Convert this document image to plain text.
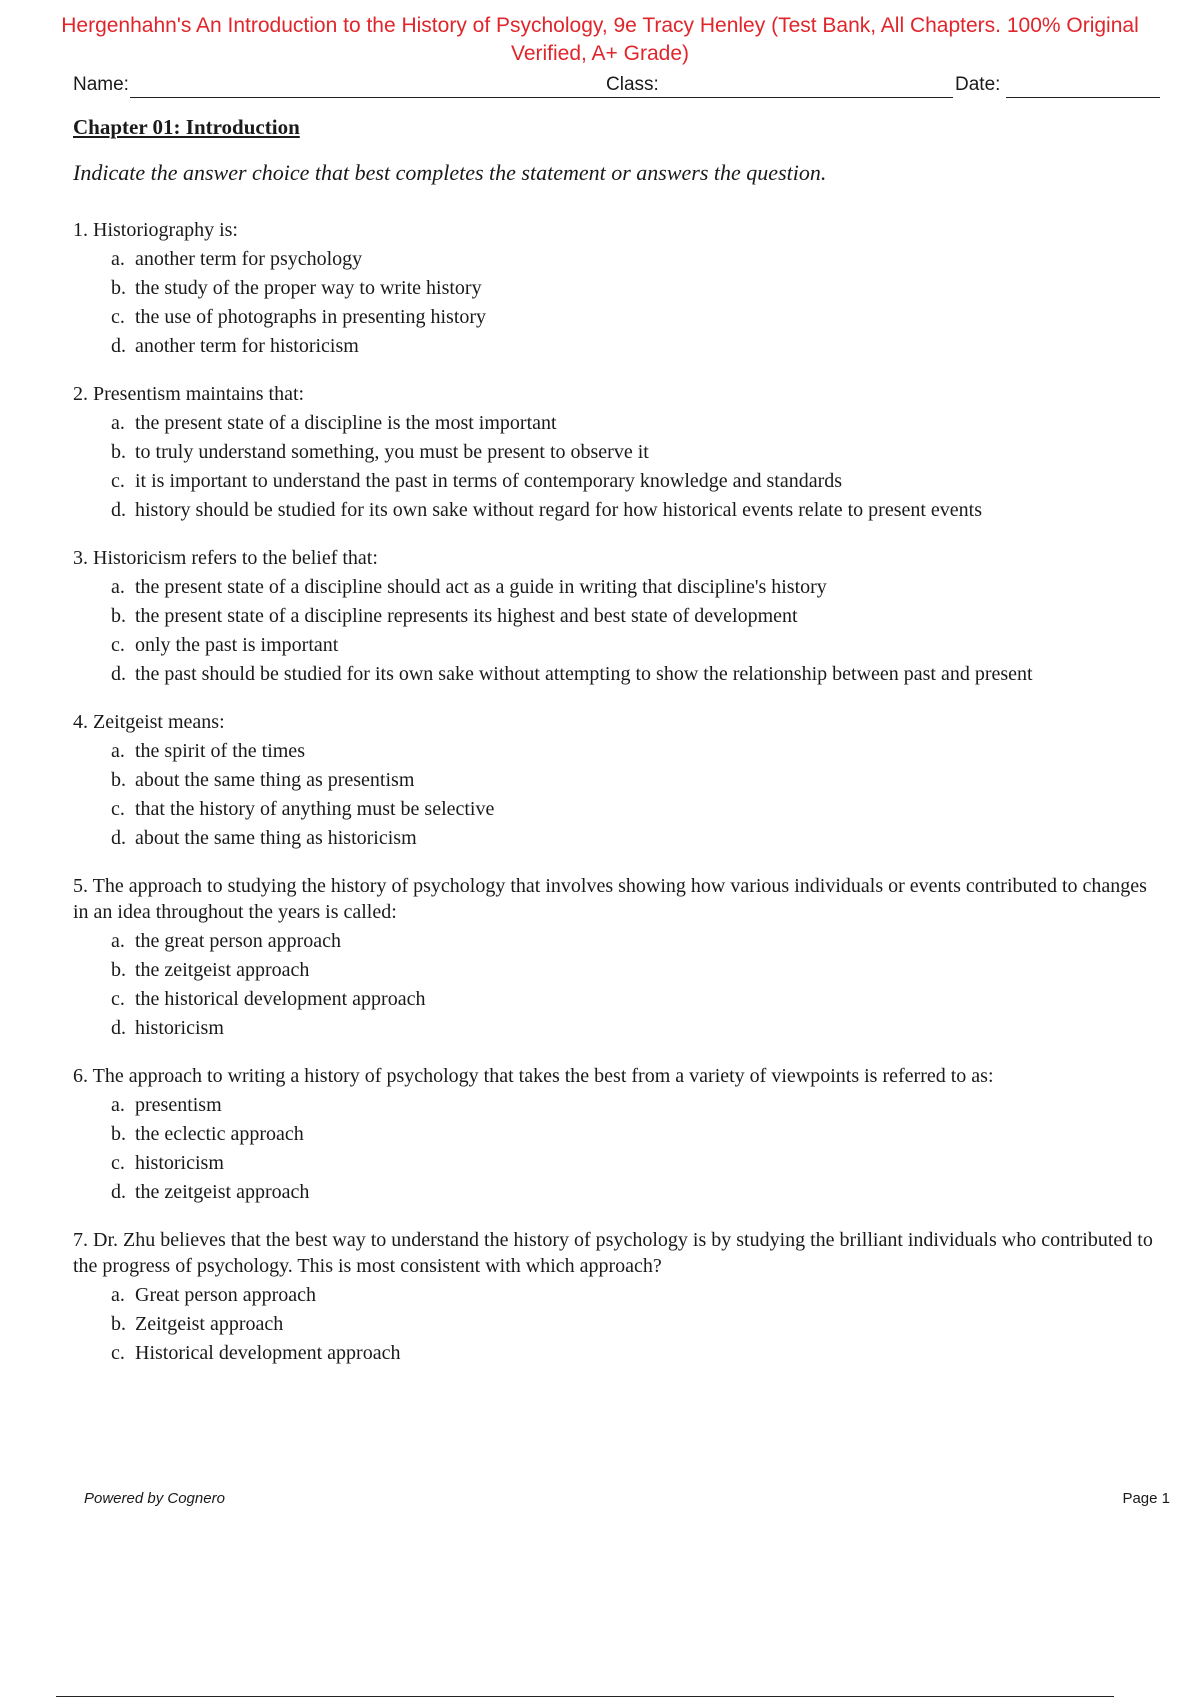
Hergenhahn's An Introduction to the History of Psychology, 9e Tracy Henley (Test Bank, All Chapters. 100% Original
Verified, A+ Grade)
Name:	Class:	Date:
Chapter 01: Introduction
Indicate the answer choice that best completes the statement or answers the question.
1. Historiography is:
a. another term for psychology
b. the study of the proper way to write history
c. the use of photographs in presenting history
d. another term for historicism
2. Presentism maintains that:
a. the present state of a discipline is the most important
b. to truly understand something, you must be present to observe it
c. it is important to understand the past in terms of contemporary knowledge and standards
d. history should be studied for its own sake without regard for how historical events relate to present events
3. Historicism refers to the belief that:
a. the present state of a discipline should act as a guide in writing that discipline's history
b. the present state of a discipline represents its highest and best state of development
c. only the past is important
d. the past should be studied for its own sake without attempting to show the relationship between past and present
4. Zeitgeist means:
a. the spirit of the times
b. about the same thing as presentism
c. that the history of anything must be selective
d. about the same thing as historicism
5. The approach to studying the history of psychology that involves showing how various individuals or events contributed to changes in an idea throughout the years is called:
a. the great person approach
b. the zeitgeist approach
c. the historical development approach
d. historicism
6. The approach to writing a history of psychology that takes the best from a variety of viewpoints is referred to as:
a. presentism
b. the eclectic approach
c. historicism
d. the zeitgeist approach
7. Dr. Zhu believes that the best way to understand the history of psychology is by studying the brilliant individuals who contributed to the progress of psychology. This is most consistent with which approach?
a. Great person approach
b. Zeitgeist approach
c. Historical development approach
Powered by Cognero	Page 1
